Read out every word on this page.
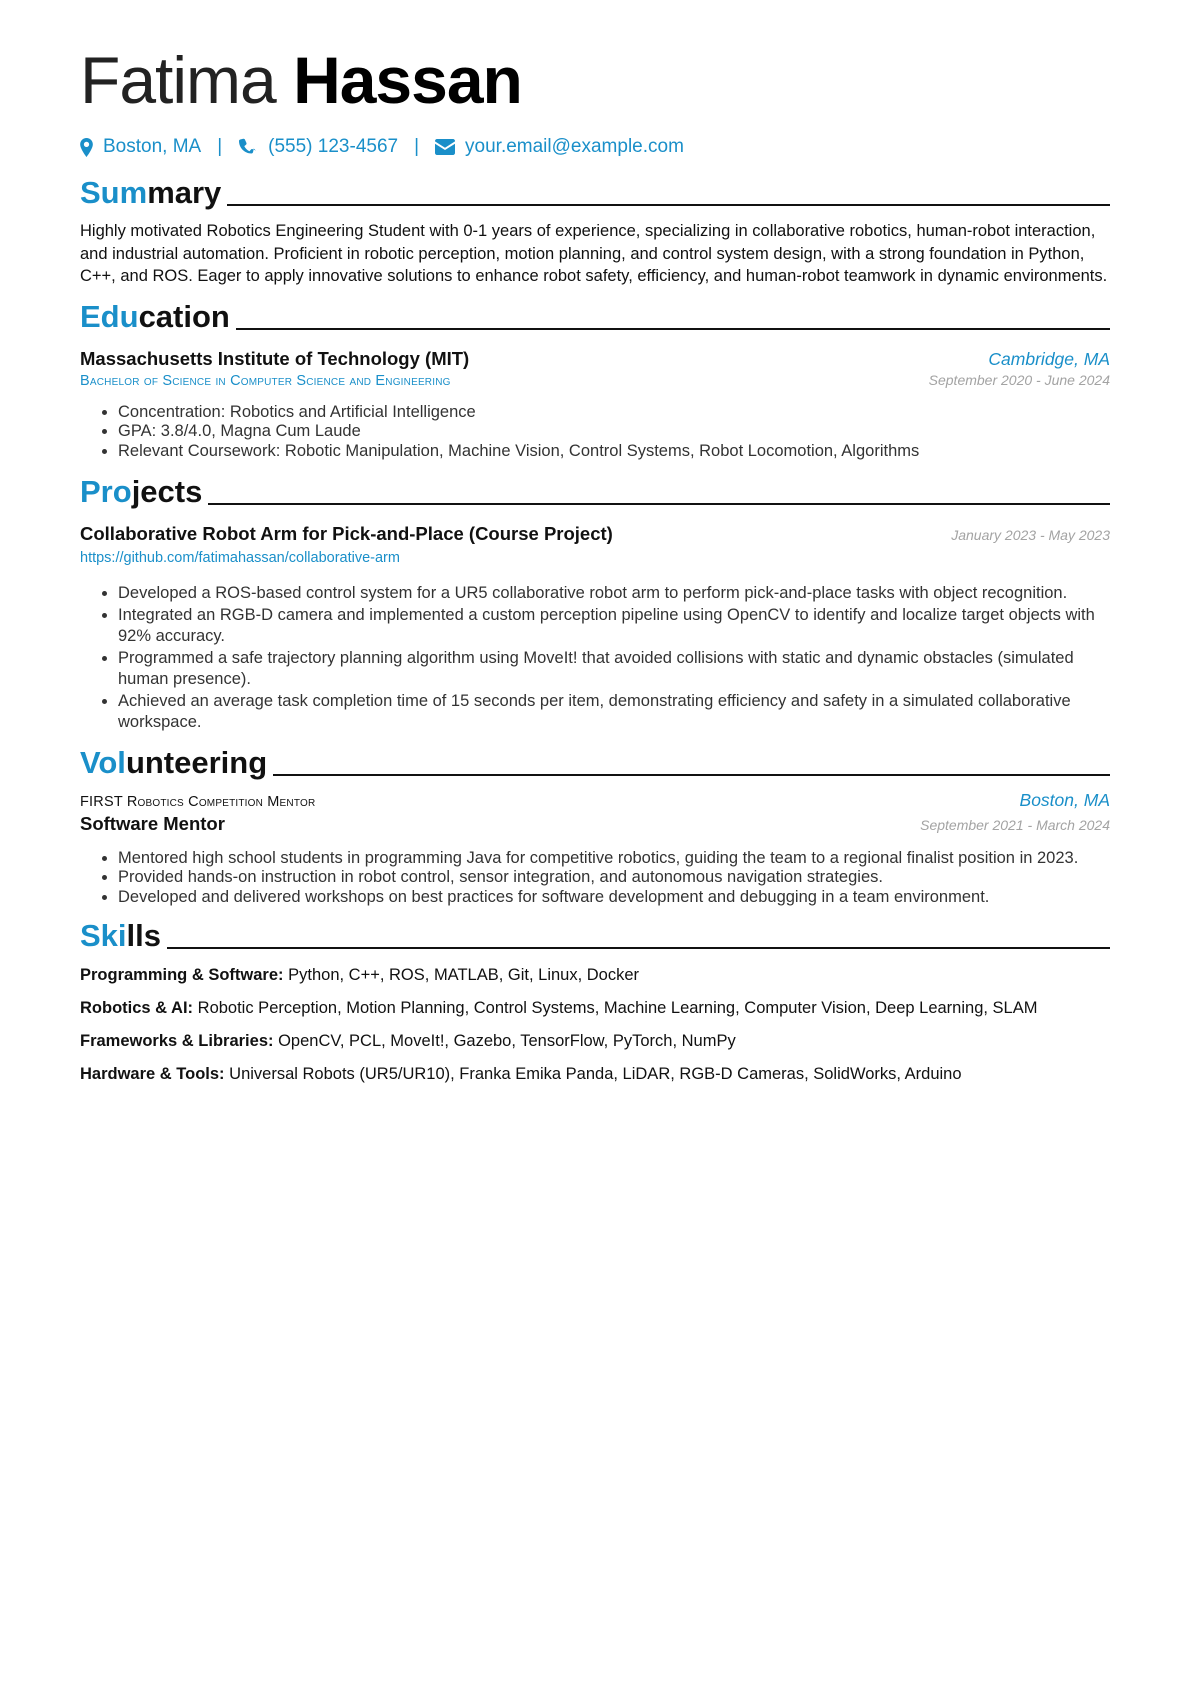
Fatima Hassan
Boston, MA | (555) 123-4567 | your.email@example.com
Summary
Highly motivated Robotics Engineering Student with 0-1 years of experience, specializing in collaborative robotics, human-robot interaction, and industrial automation. Proficient in robotic perception, motion planning, and control system design, with a strong foundation in Python, C++, and ROS. Eager to apply innovative solutions to enhance robot safety, efficiency, and human-robot teamwork in dynamic environments.
Education
Massachusetts Institute of Technology (MIT)	Cambridge, MA
Bachelor of Science in Computer Science and Engineering	September 2020 - June 2024
• Concentration: Robotics and Artificial Intelligence
• GPA: 3.8/4.0, Magna Cum Laude
• Relevant Coursework: Robotic Manipulation, Machine Vision, Control Systems, Robot Locomotion, Algorithms
Projects
Collaborative Robot Arm for Pick-and-Place (Course Project)	January 2023 - May 2023
https://github.com/fatimahassan/collaborative-arm
• Developed a ROS-based control system for a UR5 collaborative robot arm to perform pick-and-place tasks with object recognition.
• Integrated an RGB-D camera and implemented a custom perception pipeline using OpenCV to identify and localize target objects with 92% accuracy.
• Programmed a safe trajectory planning algorithm using MoveIt! that avoided collisions with static and dynamic obstacles (simulated human presence).
• Achieved an average task completion time of 15 seconds per item, demonstrating efficiency and safety in a simulated collaborative workspace.
Volunteering
FIRST Robotics Competition Mentor	Boston, MA
Software Mentor	September 2021 - March 2024
• Mentored high school students in programming Java for competitive robotics, guiding the team to a regional finalist position in 2023.
• Provided hands-on instruction in robot control, sensor integration, and autonomous navigation strategies.
• Developed and delivered workshops on best practices for software development and debugging in a team environment.
Skills
Programming & Software: Python, C++, ROS, MATLAB, Git, Linux, Docker
Robotics & AI: Robotic Perception, Motion Planning, Control Systems, Machine Learning, Computer Vision, Deep Learning, SLAM
Frameworks & Libraries: OpenCV, PCL, MoveIt!, Gazebo, TensorFlow, PyTorch, NumPy
Hardware & Tools: Universal Robots (UR5/UR10), Franka Emika Panda, LiDAR, RGB-D Cameras, SolidWorks, Arduino
